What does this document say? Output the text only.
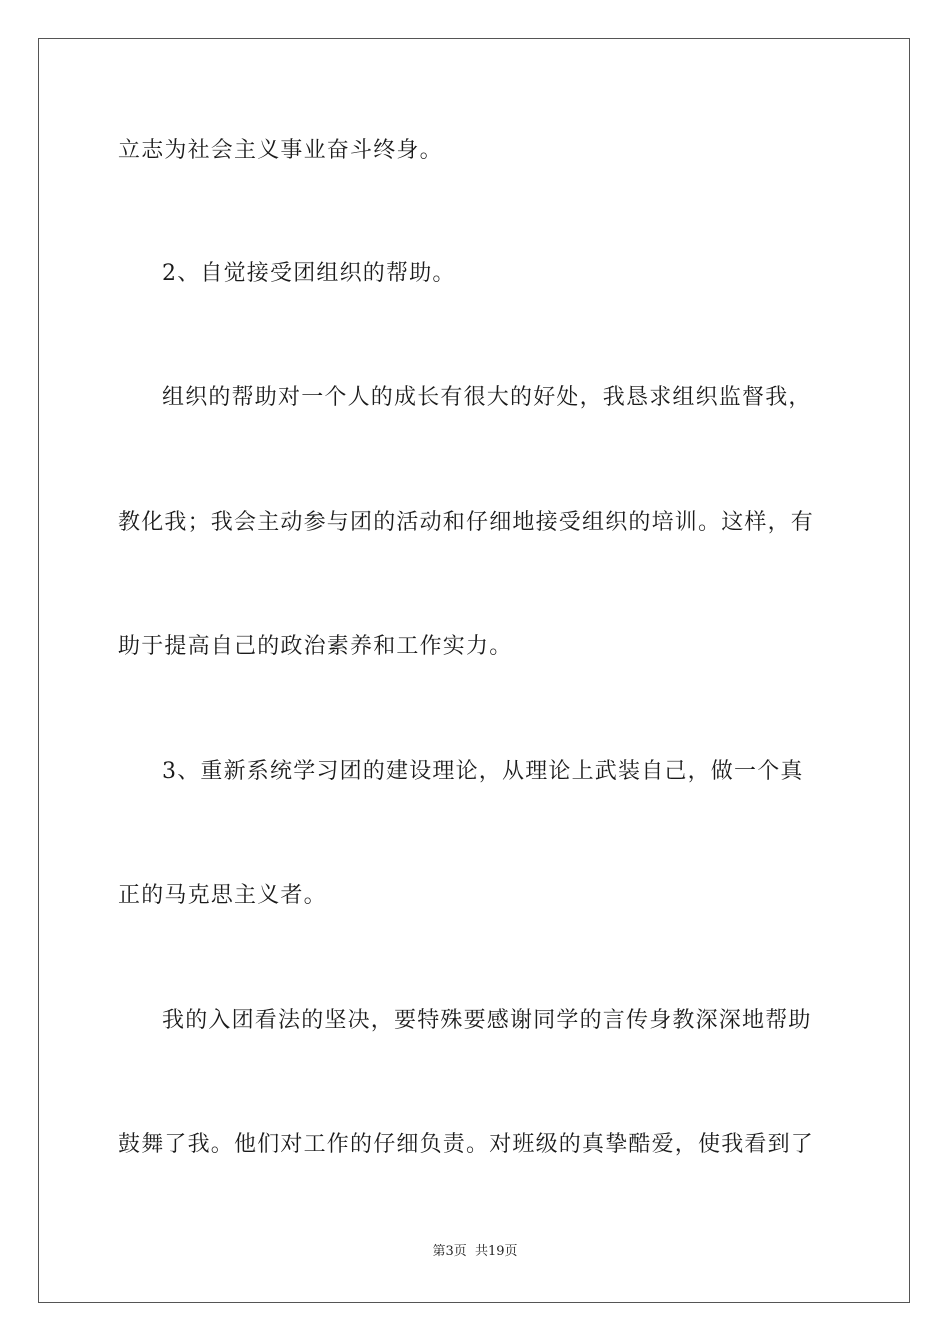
立志为社会主义事业奋斗终身。
2、自觉接受团组织的帮助。
组织的帮助对一个人的成长有很大的好处，我恳求组织监督我，
教化我；我会主动参与团的活动和仔细地接受组织的培训。这样，有
助于提高自己的政治素养和工作实力。
3、重新系统学习团的建设理论，从理论上武装自己，做一个真
正的马克思主义者。
我的入团看法的坚决，要特殊要感谢同学的言传身教深深地帮助
鼓舞了我。他们对工作的仔细负责。对班级的真挚酷爱，使我看到了
第3页 共19页
